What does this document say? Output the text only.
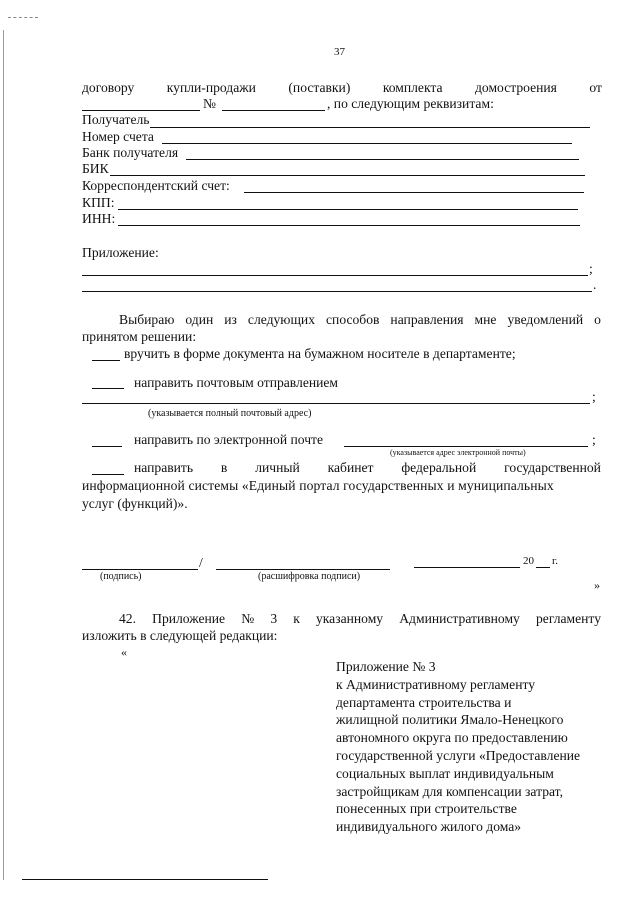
37
договору купли-продажи (поставки) комплекта домостроения от
№	, по следующим реквизитам:
Получатель
Номер счета
Банк получателя
БИК
Корреспондентский счет:
КПП:
ИНН:
Приложение:
;
.
Выбираю один из следующих способов направления мне уведомлений о
принятом решении:
вручить в форме документа на бумажном носителе в департаменте;
направить почтовым отправлением
;
(указывается полный почтовый адрес)
направить по электронной почте	;
(указывается адрес электронной почты)
направить в личный кабинет федеральной государственной
информационной системы «Единый портал государственных и муниципальных
услуг (функций)».
/	20 г.
(подпись)	(расшифровка подписи)
»
42. Приложение № 3 к указанному Административному регламенту
изложить в следующей редакции:
«
Приложение № 3
к Административному регламенту
департамента строительства и
жилищной политики Ямало-Ненецкого
автономного округа по предоставлению
государственной услуги «Предоставление
социальных выплат индивидуальным
застройщикам для компенсации затрат,
понесенных при строительстве
индивидуального жилого дома»
